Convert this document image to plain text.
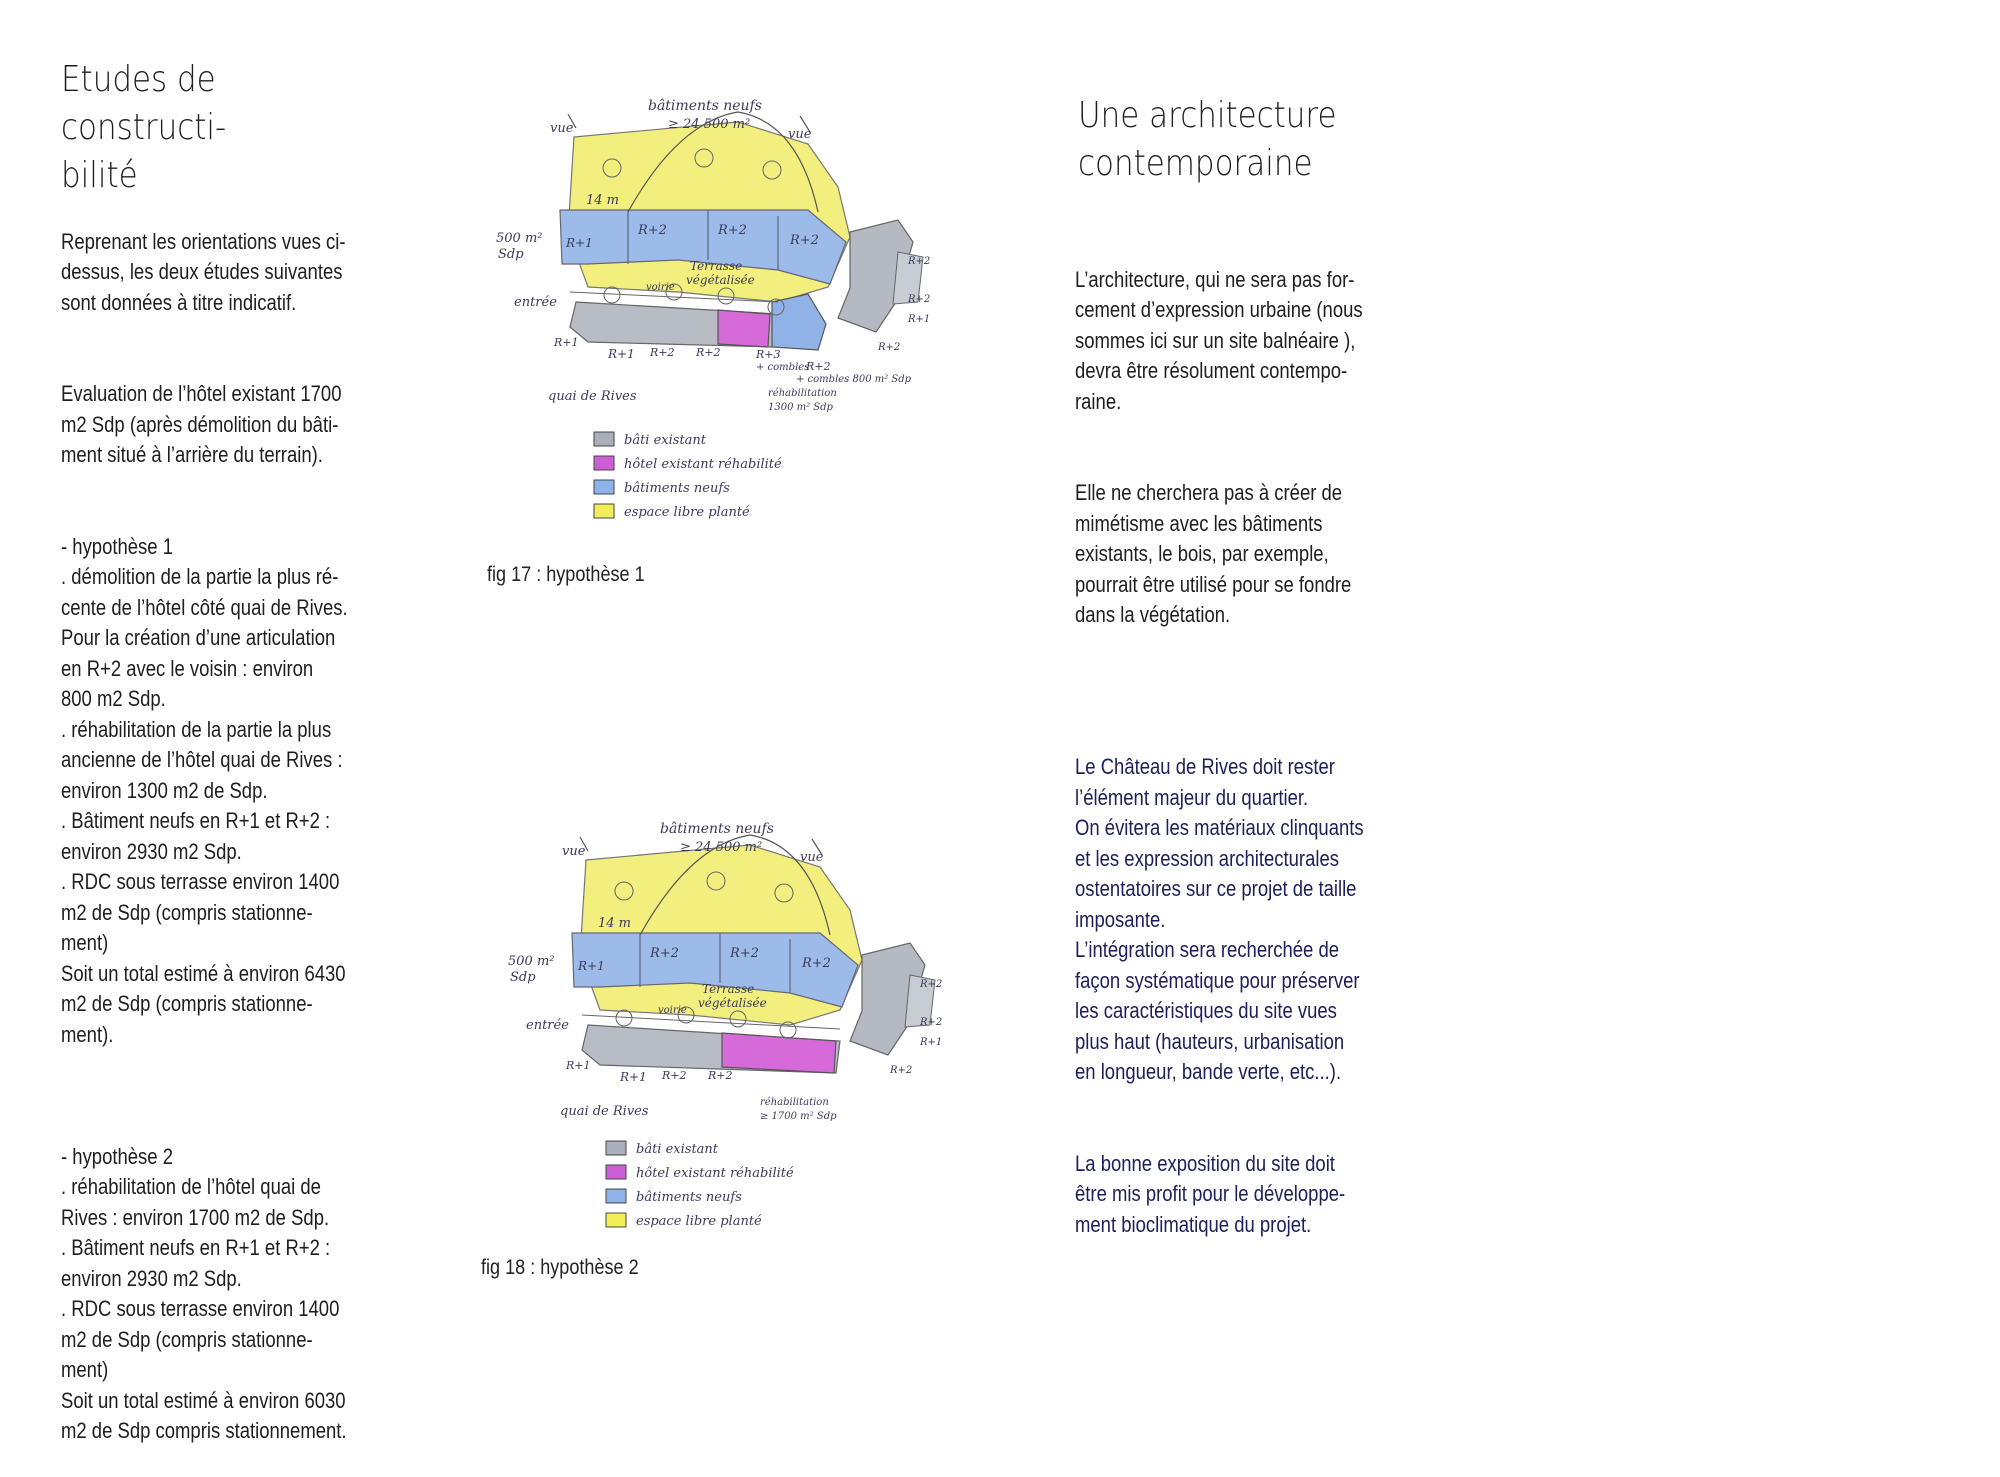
Etudes de constructi-
bilité

Reprenant les orientations vues ci-
dessus, les deux études suivantes
sont données à titre indicatif.

Evaluation de l’hôtel existant 1700
m2 Sdp (après démolition du bâti-
ment situé à l’arrière du terrain).

- hypothèse 1
. démolition de la partie la plus ré-
cente de l’hôtel côté quai de Rives.
Pour la création d’une articulation
en R+2 avec le voisin : environ
800 m2 Sdp.
. réhabilitation de la partie la plus
ancienne de l’hôtel quai de Rives :
environ 1300 m2 de Sdp.
. Bâtiment neufs en R+1 et R+2 :
environ 2930 m2 Sdp.
. RDC sous terrasse environ 1400
m2 de Sdp (compris stationne-
ment)
Soit un total estimé à environ 6430
m2 de Sdp (compris stationne-
ment).

- hypothèse 2
. réhabilitation de l’hôtel quai de
Rives : environ 1700 m2 de Sdp.
. Bâtiment neufs en R+1 et R+2 :
environ 2930 m2 Sdp.
. RDC sous terrasse environ 1400
m2 de Sdp (compris stationne-
ment)
Soit un total estimé à environ 6030
m2 de Sdp compris stationnement.

bâtiments neufs
≥ 24 500 m²
vue	vue
14 m
500 m²
Sdp
R+1
R+2	R+2
R+2
Terrasse
végétalisée
voirie
entrée
R+1
R+1 R+2 R+2	R+3
+ combles
R+2
+ combles 800 m² Sdp
réhabilitation
1300 m² Sdp
R+2
R+2
R+1
R+2
quai de Rives
bâti existant
hôtel existant réhabilité
bâtiments neufs
espace libre planté
fig 17 : hypothèse 1
bâtiments neufs
≥ 24 500 m²
vue	vue
14 m
500 m²
Sdp
R+1
R+2	R+2
R+2
Terrasse
végétalisée
voirie
entrée
R+1
R+1 R+2 R+2
réhabilitation
≥ 1700 m² Sdp
R+2
R+2
R+1
R+2
quai de Rives
bâti existant
hôtel existant réhabilité
bâtiments neufs
espace libre planté
fig 18 : hypothèse 2
Une architecture
contemporaine

L’architecture, qui ne sera pas for-
cement d’expression urbaine (nous
sommes ici sur un site balnéaire ),
devra être résolument contempo-
raine.

Elle ne cherchera pas à créer de
mimétisme avec les bâtiments
existants, le bois, par exemple,
pourrait être utilisé pour se fondre
dans la végétation.

Le Château de Rives doit rester
l’élément majeur du quartier.
On évitera les matériaux clinquants
et les expression architecturales
ostentatoires sur ce projet de taille
imposante.
L’intégration sera recherchée de
façon systématique pour préserver
les caractéristiques du site vues
plus haut (hauteurs, urbanisation
en longueur, bande verte, etc...).

La bonne exposition du site doit
être mis profit pour le développe-
ment bioclimatique du projet.
